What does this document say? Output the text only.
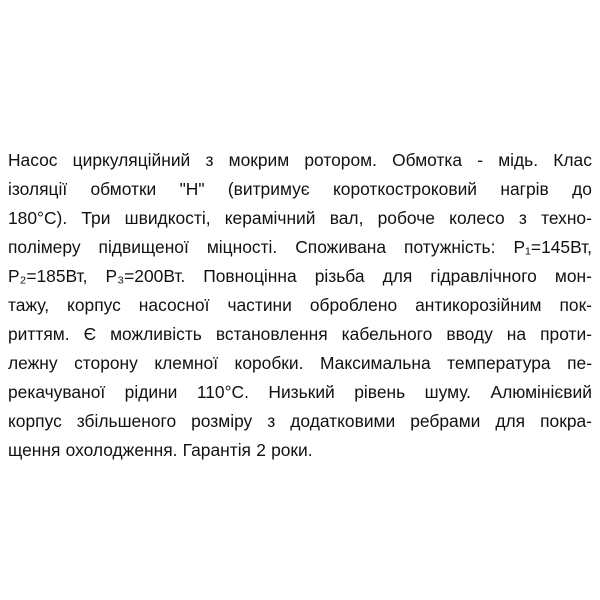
Насос циркуляційний з мокрим ротором. Обмотка - мідь. Клас
ізоляції обмотки "H" (витримує короткостроковий нагрів до
180°C). Три швидкості, керамічний вал, робоче колесо з техно-
полімеру підвищеної міцності. Споживана потужність: P₁=145Вт,
P₂=185Вт, P₃=200Вт. Повноцінна різьба для гідравлічного мон-
тажу, корпус насосної частини оброблено антикорозійним пок-
риттям. Є можливість встановлення кабельного вводу на проти-
лежну сторону клемної коробки. Максимальна температура пе-
рекачуваної рідини 110°C. Низький рівень шуму. Алюмінієвий
корпус збільшеного розміру з додатковими ребрами для покра-
щення охолодження. Гарантія 2 роки.
